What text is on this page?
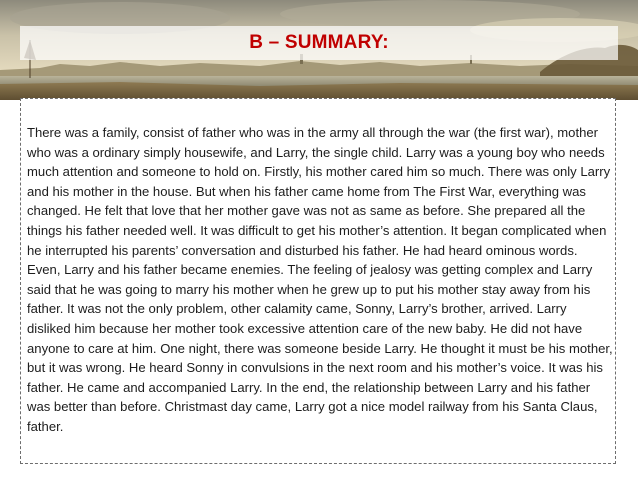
B – SUMMARY:

There was a family, consist of father who was in the army all through the war (the first war), mother who was a ordinary simply housewife, and Larry, the single child. Larry was a young boy who needs much attention and someone to hold on. Firstly, his mother cared him so much. There was only Larry and his mother in the house. But when his father came home from The First War, everything was changed. He felt that love that her mother gave was not as same as before. She prepared all the things his father needed well. It was difficult to get his mother’s attention. It began complicated when he interrupted his parents’ conversation and disturbed his father. He had heard ominous words. Even, Larry and his father became enemies. The feeling of jealosy was getting complex and Larry said that he was going to marry his mother when he grew up to put his mother stay away from his father. It was not the only problem, other calamity came, Sonny, Larry’s brother, arrived. Larry disliked him because her mother took excessive attention care of the new baby. He did not have anyone to care at him. One night, there was someone beside Larry. He thought it must be his mother, but it was wrong. He heard Sonny in convulsions in the next room and his mother’s voice. It was his father. He came and accompanied Larry. In the end, the relationship between Larry and his father was better than before. Christmast day came, Larry got a nice model railway from his Santa Claus, father.
